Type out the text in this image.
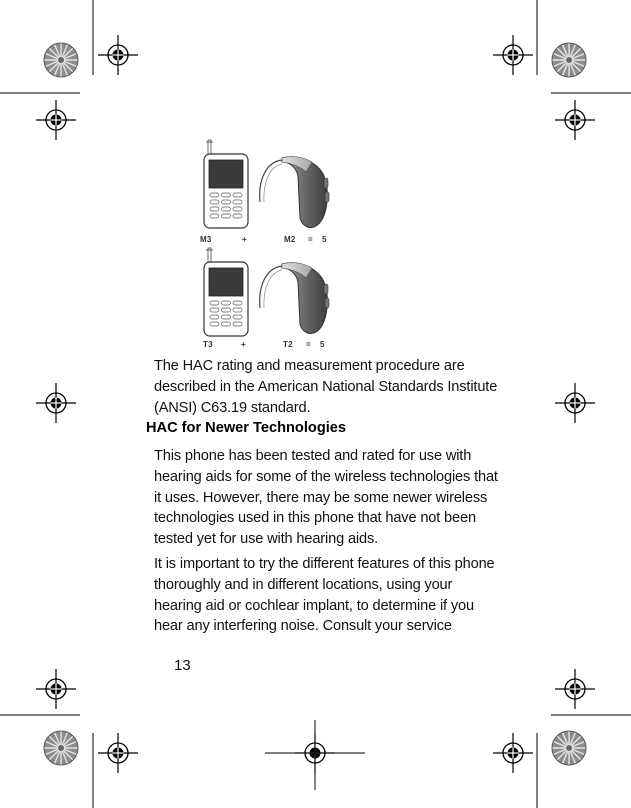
M3	+	M2 = 5
T3	+	T2 = 5

The HAC rating and measurement procedure are described in the American National Standards Institute (ANSI) C63.19 standard.

HAC for Newer Technologies

This phone has been tested and rated for use with hearing aids for some of the wireless technologies that it uses. However, there may be some newer wireless technologies used in this phone that have not been tested yet for use with hearing aids.

It is important to try the different features of this phone thoroughly and in different locations, using your hearing aid or cochlear implant, to determine if you hear any interfering noise. Consult your service

13
